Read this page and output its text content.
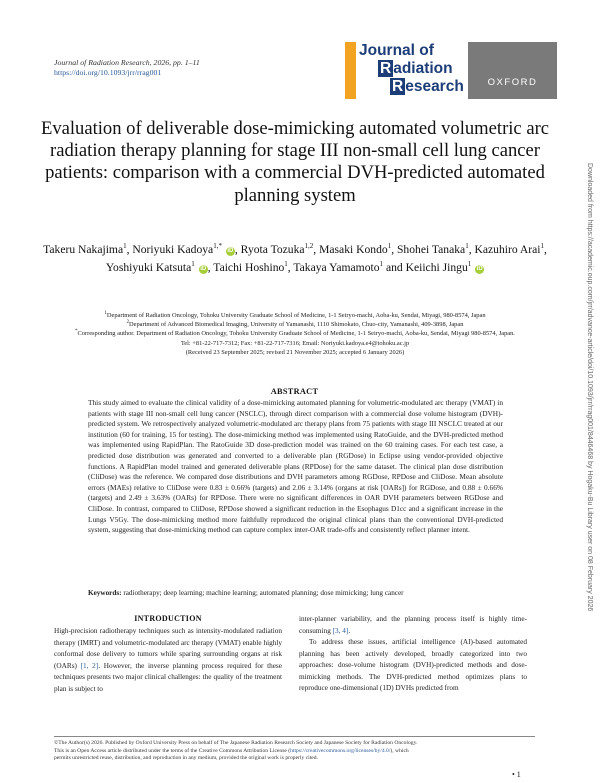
Journal of Radiation Research, 2026, pp. 1–11
https://doi.org/10.1093/jrr/rrag001
Journal of
R adiation
R esearch	OXFORD
Evaluation of deliverable dose-mimicking automated volumetric arc radiation therapy planning for stage III non-small cell lung cancer patients: comparison with a commercial DVH-predicted automated planning system
Takeru Nakajima$^1$, Noriyuki Kadoya$^{1,*}$ iD , Ryota Tozuka$^{1,2}$, Masaki Kondo$^1$, Shohei Tanaka$^1$, Kazuhiro Arai$^1$, Yoshiyuki Katsuta$^1$ iD , Taichi Hoshino$^1$, Takaya Yamamoto$^1$ and Keiichi Jingu$^1$ iD
$^1$Department of Radiation Oncology, Tohoku University Graduate School of Medicine, 1-1 Seiryo-machi, Aoba-ku, Sendai, Miyagi, 980-8574, Japan
$^2$Department of Advanced Biomedical Imaging, University of Yamanashi, 1110 Shimokato, Chuo-city, Yamanashi, 409-3898, Japan
*Corresponding author. Department of Radiation Oncology, Tohoku University Graduate School of Medicine, 1-1 Seiryo-machi, Aoba-ku, Sendai, Miyagi 980-8574, Japan. Tel: +81-22-717-7312; Fax: +81-22-717-7316; Email: Noriyuki.kadoya.e4@tohoku.ac.jp
(Received 23 September 2025; revised 21 November 2025; accepted 6 January 2026)
ABSTRACT
This study aimed to evaluate the clinical validity of a dose-mimicking automated planning for volumetric-modulated arc therapy (VMAT) in patients with stage III non-small cell lung cancer (NSCLC), through direct comparison with a commercial dose volume histogram (DVH)-predicted system. We retrospectively analyzed volumetric-modulated arc therapy plans from 75 patients with stage III NSCLC treated at our institution (60 for training, 15 for testing). The dose-mimicking method was implemented using RatoGuide, and the DVH-predicted method was implemented using RapidPlan. The RatoGuide 3D dose-prediction model was trained on the 60 training cases. For each test case, a predicted dose distribution was generated and converted to a deliverable plan (RGDose) in Eclipse using vendor-provided objective functions. A RapidPlan model trained and generated deliverable plans (RPDose) for the same dataset. The clinical plan dose distribution (CliDose) was the reference. We compared dose distributions and DVH parameters among RGDose, RPDose and CliDose. Mean absolute errors (MAEs) relative to CliDose were 0.83 ± 0.66% (targets) and 2.06 ± 3.14% (organs at risk [OARs]) for RGDose, and 0.88 ± 0.66% (targets) and 2.49 ± 3.63% (OARs) for RPDose. There were no significant differences in OAR DVH parameters between RGDose and CliDose. In contrast, compared to CliDose, RPDose showed a significant reduction in the Esophagus D1cc and a significant increase in the Lungs V5Gy. The dose-mimicking method more faithfully reproduced the original clinical plans than the conventional DVH-predicted system, suggesting that dose-mimicking method can capture complex inter-OAR trade-offs and consistently reflect planner intent.
Keywords: radiotherapy; deep learning; machine learning; automated planning; dose mimicking; lung cancer
INTRODUCTION

High-precision radiotherapy techniques such as intensity-modulated radiation therapy (IMRT) and volumetric-modulated arc therapy (VMAT) enable highly conformal dose delivery to tumors while sparing surrounding organs at risk (OARs) [1, 2]. However, the inverse planning process required for these techniques presents two major clinical challenges: the quality of the treatment plan is subject to

inter-planner variability, and the planning process itself is highly time-consuming [3, 4].

To address these issues, artificial intelligence (AI)-based automated planning has been actively developed, broadly categorized into two approaches: dose-volume histogram (DVH)-predicted methods and dose-mimicking methods. The DVH-predicted method optimizes plans to reproduce one-dimensional (1D) DVHs predicted from

©The Author(s) 2026. Published by Oxford University Press on behalf of The Japanese Radiation Research Society and Japanese Society for Radiation Oncology.
This is an Open Access article distributed under the terms of the Creative Commons Attribution License (https://creativecommons.org/licenses/by/4.0/), which
permits unrestricted reuse, distribution, and reproduction in any medium, provided the original work is properly cited.
• 1
Downloaded from https://academic.oup.com/jrr/advance-article/doi/10.1093/jrr/rrag001/8446468 by Hogaku-Bu Library user on 08 February 2026
